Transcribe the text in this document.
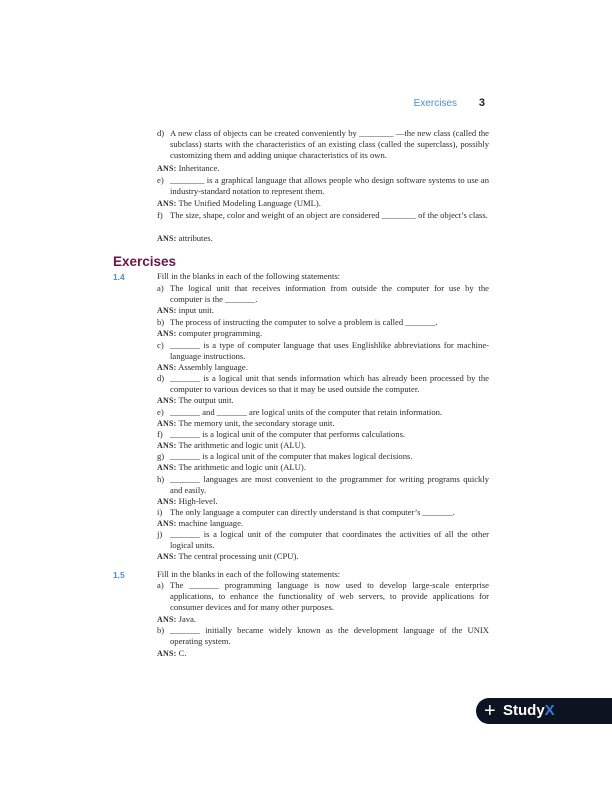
Exercises 3
d) A new class of objects can be created conveniently by ________ —the new class (called the subclass) starts with the characteristics of an existing class (called the superclass), possibly customizing them and adding unique characteristics of its own.
ANS: Inheritance.
e) ________ is a graphical language that allows people who design software systems to use an industry-standard notation to represent them.
ANS: The Unified Modeling Language (UML).
f) The size, shape, color and weight of an object are considered ________ of the object’s class.
ANS: attributes.
Exercises
1.4	Fill in the blanks in each of the following statements:
a) The logical unit that receives information from outside the computer for use by the computer is the _______.
ANS: input unit.
b) The process of instructing the computer to solve a problem is called _______.
ANS: computer programming.
c) _______ is a type of computer language that uses Englishlike abbreviations for machine-language instructions.
ANS: Assembly language.
d) _______ is a logical unit that sends information which has already been processed by the computer to various devices so that it may be used outside the computer.
ANS: The output unit.
e) _______ and _______ are logical units of the computer that retain information.
ANS: The memory unit, the secondary storage unit.
f) _______ is a logical unit of the computer that performs calculations.
ANS: The arithmetic and logic unit (ALU).
g) _______ is a logical unit of the computer that makes logical decisions.
ANS: The arithmetic and logic unit (ALU).
h) _______ languages are most convenient to the programmer for writing programs quickly and easily.
ANS: High-level.
i) The only language a computer can directly understand is that computer’s _______.
ANS: machine language.
j) _______ is a logical unit of the computer that coordinates the activities of all the other logical units.
ANS: The central processing unit (CPU).
1.5	Fill in the blanks in each of the following statements:
a) The _______ programming language is now used to develop large-scale enterprise applications, to enhance the functionality of web servers, to provide applications for consumer devices and for many other purposes.
ANS: Java.
b) _______ initially became widely known as the development language of the UNIX operating system.
ANS: C.
+ StudyX
